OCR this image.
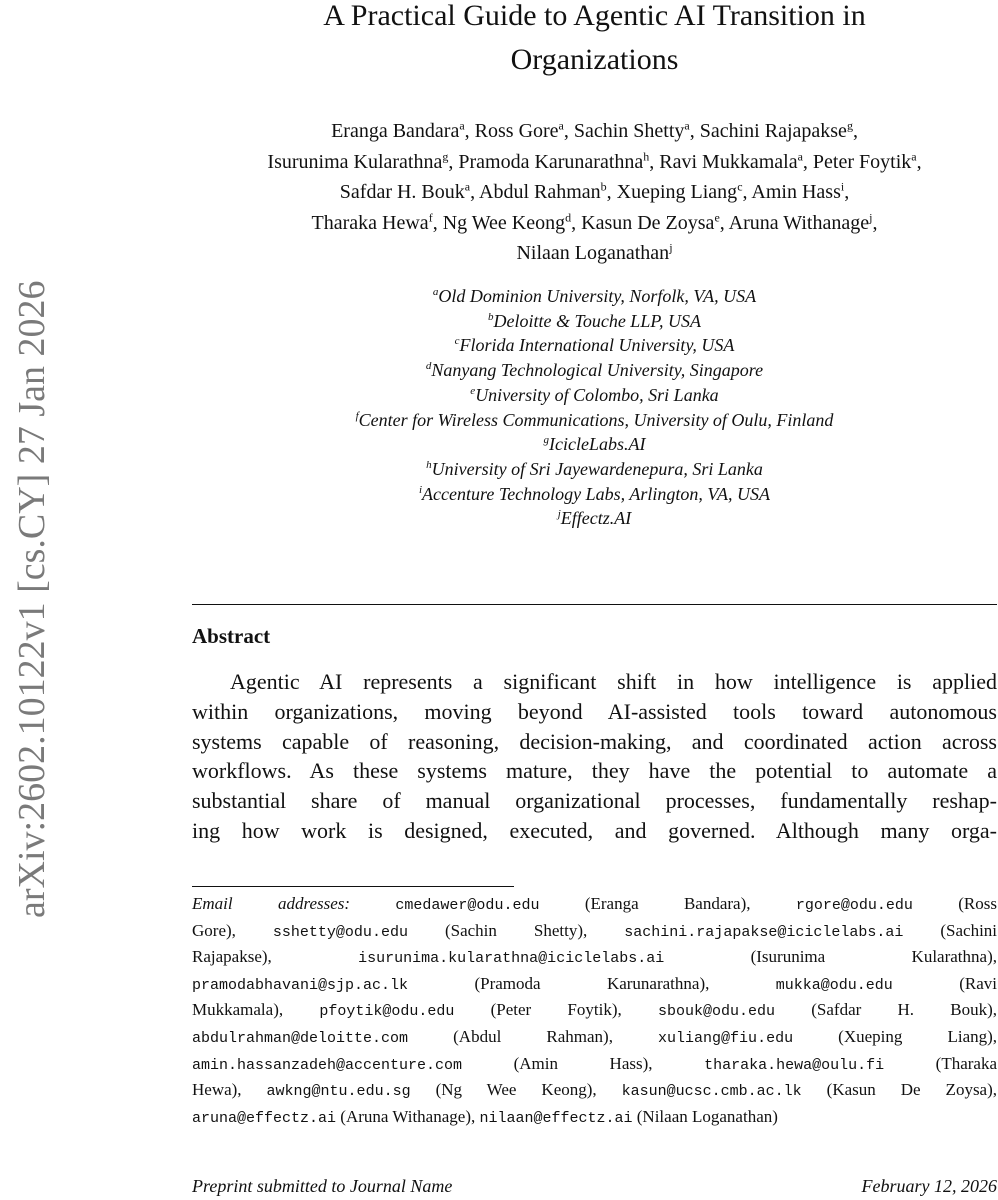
arXiv:2602.10122v1 [cs.CY] 27 Jan 2026
A Practical Guide to Agentic AI Transition in
Organizations
Eranga Bandara$^a$, Ross Gore$^a$, Sachin Shetty$^a$, Sachini Rajapakse$^g$,
Isurunima Kularathna$^g$, Pramoda Karunarathna$^h$, Ravi Mukkamala$^a$, Peter Foytik$^a$,
Safdar H. Bouk$^a$, Abdul Rahman$^b$, Xueping Liang$^c$, Amin Hass$^i$,
Tharaka Hewa$^f$, Ng Wee Keong$^d$, Kasun De Zoysa$^e$, Aruna Withanage$^j$,
Nilaan Loganathan$^j$
$^a$Old Dominion University, Norfolk, VA, USA
$^b$Deloitte & Touche LLP, USA
$^c$Florida International University, USA
$^d$Nanyang Technological University, Singapore
$^e$University of Colombo, Sri Lanka
$^f$Center for Wireless Communications, University of Oulu, Finland
$^g$IcicleLabs.AI
$^h$University of Sri Jayewardenepura, Sri Lanka
$^i$Accenture Technology Labs, Arlington, VA, USA
$^j$Effectz.AI
Abstract
Agentic AI represents a significant shift in how intelligence is applied
within organizations, moving beyond AI-assisted tools toward autonomous
systems capable of reasoning, decision-making, and coordinated action across
workflows. As these systems mature, they have the potential to automate a
substantial share of manual organizational processes, fundamentally reshap-
ing how work is designed, executed, and governed. Although many orga-
Email addresses:	cmedawer@odu.edu	(Eranga Bandara),	rgore@odu.edu	(Ross
Gore), sshetty@odu.edu (Sachin Shetty), sachini.rajapakse@iciclelabs.ai (Sachini
Rajapakse),	isurunima.kularathna@iciclelabs.ai	(Isurunima Kularathna),
pramodabhavani@sjp.ac.lk	(Pramoda Karunarathna),	mukka@odu.edu	(Ravi
Mukkamala), pfoytik@odu.edu (Peter Foytik), sbouk@odu.edu (Safdar H. Bouk),
abdulrahman@deloitte.com	(Abdul Rahman),	xuliang@fiu.edu	(Xueping Liang),
amin.hassanzadeh@accenture.com	(Amin Hass),	tharaka.hewa@oulu.fi	(Tharaka
Hewa), awkng@ntu.edu.sg (Ng Wee Keong), kasun@ucsc.cmb.ac.lk (Kasun De Zoysa),
aruna@effectz.ai (Aruna Withanage), nilaan@effectz.ai (Nilaan Loganathan)
Preprint submitted to Journal Name	February 12, 2026
